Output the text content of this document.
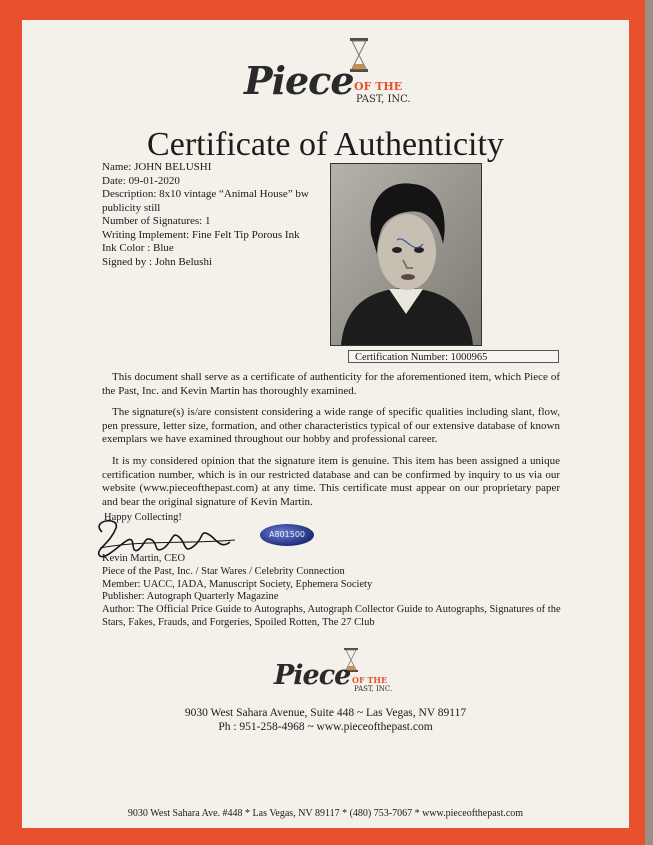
Piece OF THE
PAST, INC.
Certificate of Authenticity
Name: JOHN BELUSHI
Date: 09-01-2020
Description: 8x10 vintage “Animal House” bw
publicity still
Number of Signatures: 1
Writing Implement: Fine Felt Tip Porous Ink
Ink Color : Blue
Signed by : John Belushi
Certification Number: 1000965
This document shall serve as a certificate of authenticity for the aforementioned item, which Piece of the Past, Inc. and Kevin Martin has thoroughly examined.
The signature(s) is/are consistent considering a wide range of specific qualities including slant, flow, pen pressure, letter size, formation, and other characteristics typical of our extensive database of known exemplars we have examined throughout our hobby and professional career.
It is my considered opinion that the signature item is genuine. This item has been assigned a unique certification number, which is in our restricted database and can be confirmed by inquiry to us via our website (www.pieceofthepast.com) at any time. This certificate must appear on our proprietary paper and bear the original signature of Kevin Martin.
Happy Collecting!
A801500
Kevin Martin, CEO
Piece of the Past, Inc. / Star Wares / Celebrity Connection
Member: UACC, IADA, Manuscript Society, Ephemera Society
Publisher: Autograph Quarterly Magazine
Author: The Official Price Guide to Autographs, Autograph Collector Guide to Autographs, Signatures of the Stars, Fakes, Frauds, and Forgeries, Spoiled Rotten, The 27 Club
Piece OF THE
PAST, INC.
9030 West Sahara Avenue, Suite 448 ~ Las Vegas, NV 89117
Ph : 951-258-4968 ~ www.pieceofthepast.com
9030 West Sahara Ave. #448 * Las Vegas, NV 89117 * (480) 753-7067 * www.pieceofthepast.com
